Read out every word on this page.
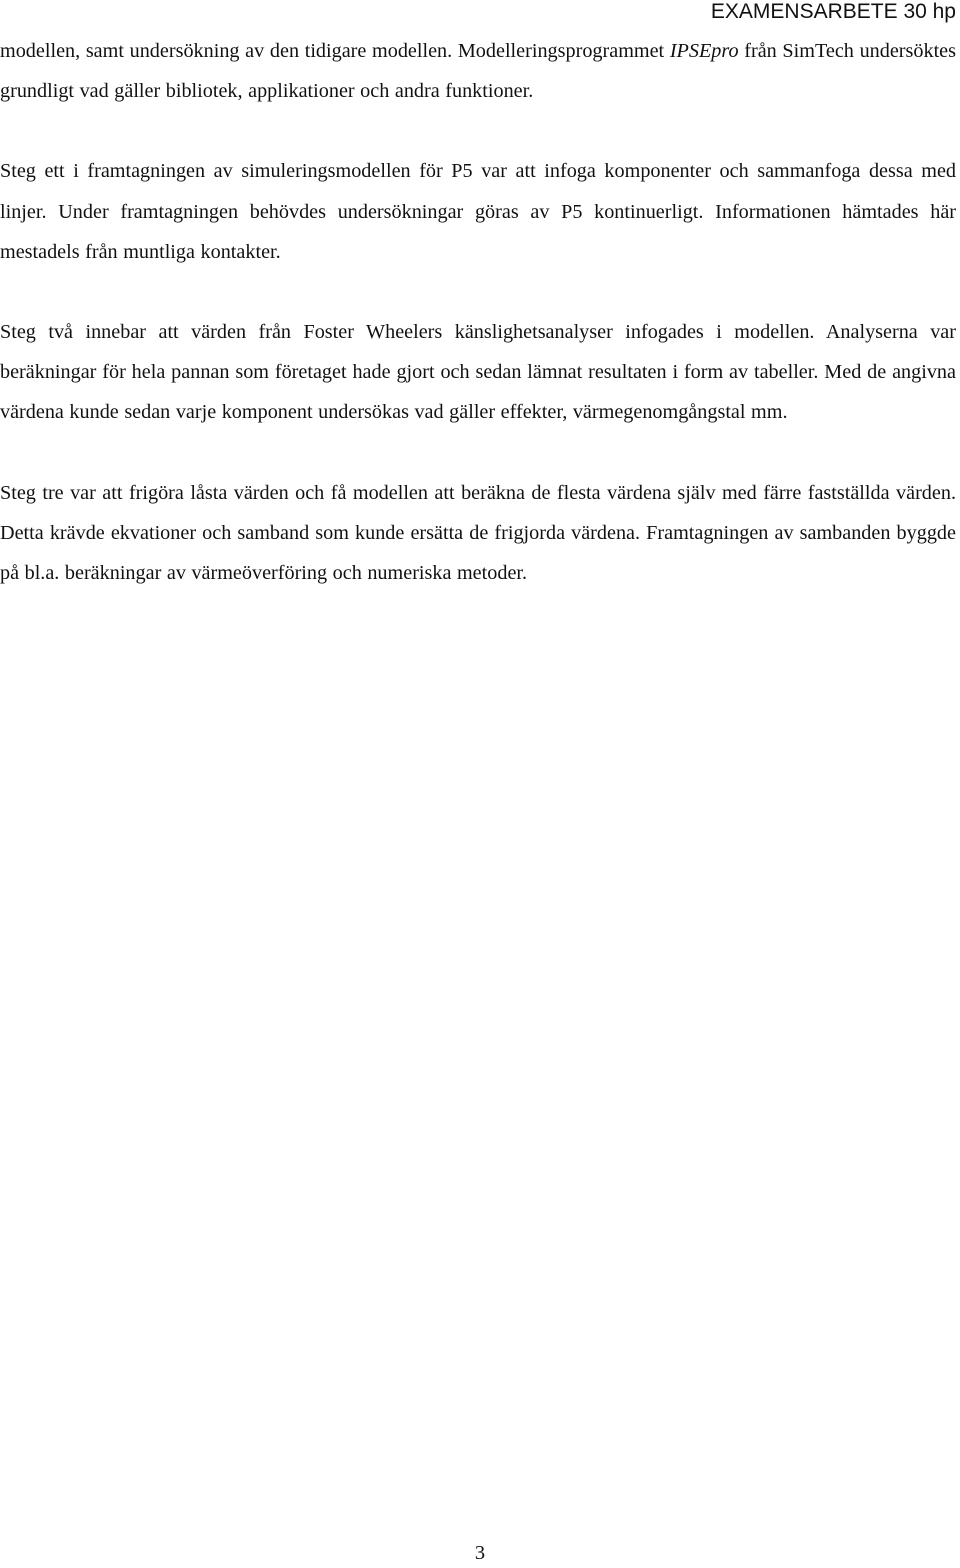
EXAMENSARBETE 30 hp

modellen, samt undersökning av den tidigare modellen. Modelleringsprogrammet IPSEpro från SimTech undersöktes grundligt vad gäller bibliotek, applikationer och andra funktioner.

Steg ett i framtagningen av simuleringsmodellen för P5 var att infoga komponenter och sammanfoga dessa med linjer. Under framtagningen behövdes undersökningar göras av P5 kontinuerligt. Informationen hämtades här mestadels från muntliga kontakter.

Steg två innebar att värden från Foster Wheelers känslighetsanalyser infogades i modellen. Analyserna var beräkningar för hela pannan som företaget hade gjort och sedan lämnat resultaten i form av tabeller. Med de angivna värdena kunde sedan varje komponent undersökas vad gäller effekter, värmegenomgångstal mm.

Steg tre var att frigöra låsta värden och få modellen att beräkna de flesta värdena själv med färre fastställda värden. Detta krävde ekvationer och samband som kunde ersätta de frigjorda värdena. Framtagningen av sambanden byggde på bl.a. beräkningar av värmeöverföring och numeriska metoder.

3
